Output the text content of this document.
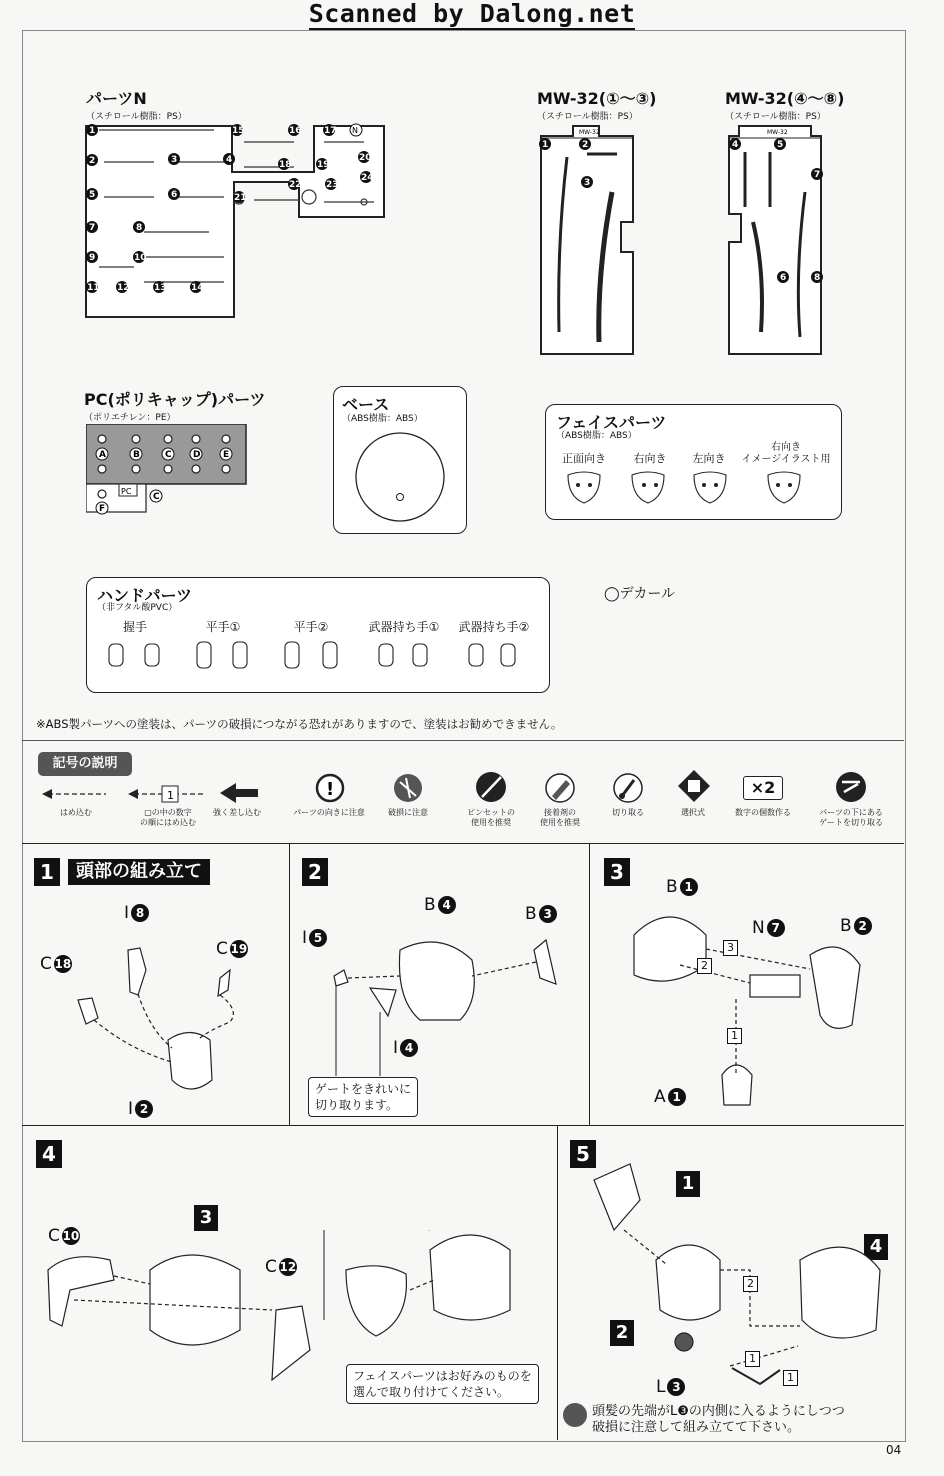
Scanned by Dalong.net
パーツN
（スチロール樹脂：PS）
1
2
5
7
9
11 12
3
6
8
10
13	14
4
15	16 17
18	19
20
21
22	23
24
N
MW-32(①〜③)
（スチロール樹脂：PS）
MW-32
1	2
3
MW-32(④〜⑧)
（スチロール樹脂：PS）
MW-32
4	5
7
6	8
PC(ポリキャップ)パーツ
（ポリエチレン：PE）
PC
A	B	C D	E
C
F
ベース
（ABS樹脂：ABS）	フェイスパーツ
（ABS樹脂：ABS）
正面向き	右向き	左向き
右向き
イメージイラスト用
ハンドパーツ
（非フタル酸PVC）
握手	平手①	平手②	武器持ち手①	武器持ち手②
◯デカール
※ABS製パーツへの塗装は、パーツの破損につながる恐れがありますので、塗装はお勧めできません。
記号の説明
はめ込む
1
▢の中の数字
の順にはめ込む
強く差し込む
!
パーツの向きに注意	破損に注意	ピンセットの
使用を推奨
接着剤の
使用を推奨
切り取る	選択式
×2
数字の個数作る	パーツの下にある
ゲートを切り取る
1	頭部の組み立て
I 8
C 18
C 19
I 2
2
B 4
I 5
B 3
I 4
ゲートをきれいに
切り取ります。
3
B 1
N 7	B 2
A 1
3
2
1
4
C 10
C 12
3
フェイスパーツはお好みのものを
選んで取り付けてください。
5
1
2
4
L 3
2
1
1
頭髪の先端がL❸の内側に入るようにしつつ
破損に注意して組み立てて下さい。
04
